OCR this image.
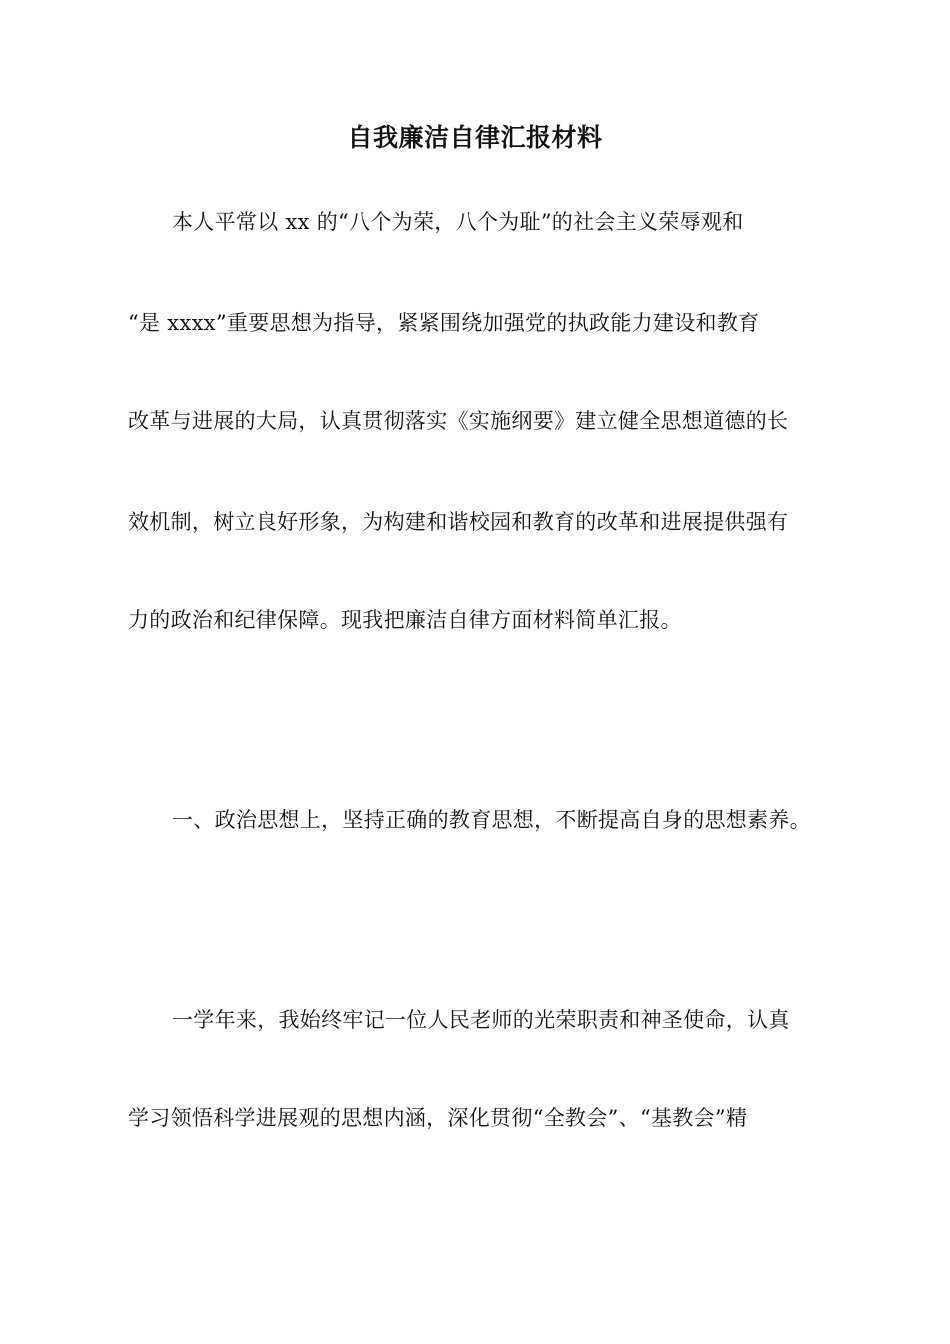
自我廉洁自律汇报材料
本人平常以 xx 的“八个为荣，八个为耻”的社会主义荣辱观和
“是 xxxx”重要思想为指导，紧紧围绕加强党的执政能力建设和教育
改革与进展的大局，认真贯彻落实《实施纲要》建立健全思想道德的长
效机制，树立良好形象，为构建和谐校园和教育的改革和进展提供强有
力的政治和纪律保障。现我把廉洁自律方面材料简单汇报。
一、政治思想上，坚持正确的教育思想，不断提高自身的思想素养。
一学年来，我始终牢记一位人民老师的光荣职责和神圣使命，认真
学习领悟科学进展观的思想内涵，深化贯彻“全教会”、“基教会”精
